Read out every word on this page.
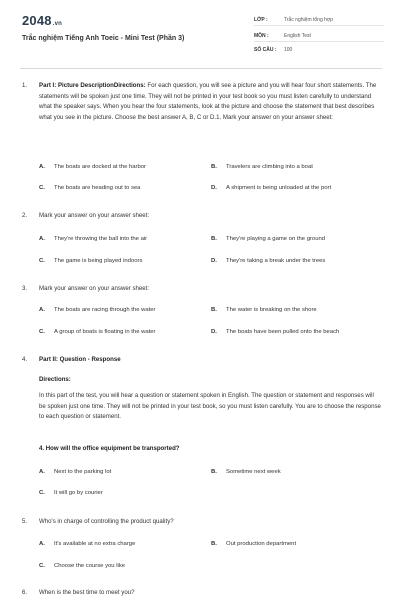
2048.vn
Trắc nghiệm Tiếng Anh Toeic - Mini Test (Phần 3)
LỚP :	Trắc nghiệm tổng hợp
MÔN :	English Test
SỐ CÂU : 100
1. Part I: Picture DescriptionDirections: For each question, you will see a picture and you will hear four short statements. The statements will be spoken just one time. They will not be printed in your test book so you must listen carefully to understand what the speaker says. When you hear the four statements, look at the picture and choose the statement that best describes what you see in the picture. Choose the best answer A, B, C or D.1. Mark your answer on your answer sheet:
A. The boats are docked at the harbor	B. Travelers are climbing into a boat
C. The boats are heading out to sea	D. A shipment is being unloaded at the port
2. Mark your answer on your answer sheet:
A. They're throwing the ball into the air	B. They're playing a game on the ground
C. The game is being played indoors	D. They're taking a break under the trees
3. Mark your answer on your answer sheet:
A. The boats are racing through the water	B. The water is breaking on the shore
C. A group of boats is floating in the water	D. The boats have been pulled onto the beach
4. Part II: Question - Response
Directions:
In this part of the test, you will hear a question or statement spoken in English. The question or statement and responses will be spoken just one time. They will not be printed in your test book, so you must listen carefully. You are to choose the response to each question or statement.
4. How will the office equipment be transported?
A. Next to the parking lot	B. Sometime next week
C. It will go by courier
5. Who's in charge of controlling the product quality?
A. It's available at no extra charge	B. Out production department
C. Choose the course you like
6. When is the best time to meet you?
